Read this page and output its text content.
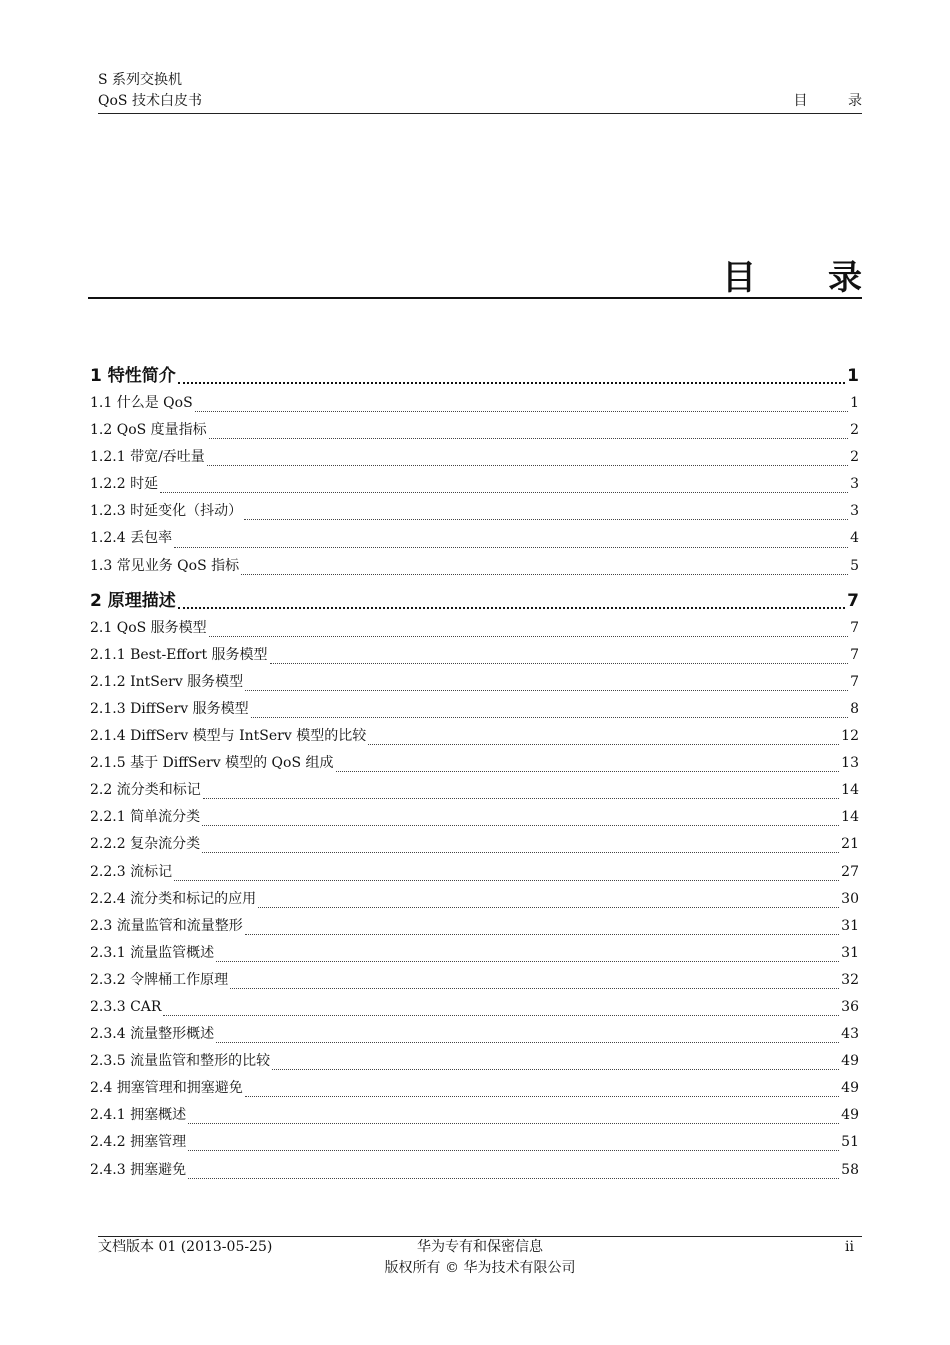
S 系列交换机
QoS 技术白皮书	目 录
目 录
1 特性简介	1
1.1 什么是 QoS	1
1.2 QoS 度量指标	2
1.2.1 带宽/吞吐量	2
1.2.2 时延	3
1.2.3 时延变化（抖动）	3
1.2.4 丢包率	4
1.3 常见业务 QoS 指标	5
2 原理描述	7
2.1 QoS 服务模型	7
2.1.1 Best-Effort 服务模型	7
2.1.2 IntServ 服务模型	7
2.1.3 DiffServ 服务模型	8
2.1.4 DiffServ 模型与 IntServ 模型的比较	12
2.1.5 基于 DiffServ 模型的 QoS 组成	13
2.2 流分类和标记	14
2.2.1 简单流分类	14
2.2.2 复杂流分类	21
2.2.3 流标记	27
2.2.4 流分类和标记的应用	30
2.3 流量监管和流量整形	31
2.3.1 流量监管概述	31
2.3.2 令牌桶工作原理	32
2.3.3 CAR	36
2.3.4 流量整形概述	43
2.3.5 流量监管和整形的比较	49
2.4 拥塞管理和拥塞避免	49
2.4.1 拥塞概述	49
2.4.2 拥塞管理	51
2.4.3 拥塞避免	58
文档版本 01 (2013-05-25)	华为专有和保密信息	ii
版权所有 © 华为技术有限公司
